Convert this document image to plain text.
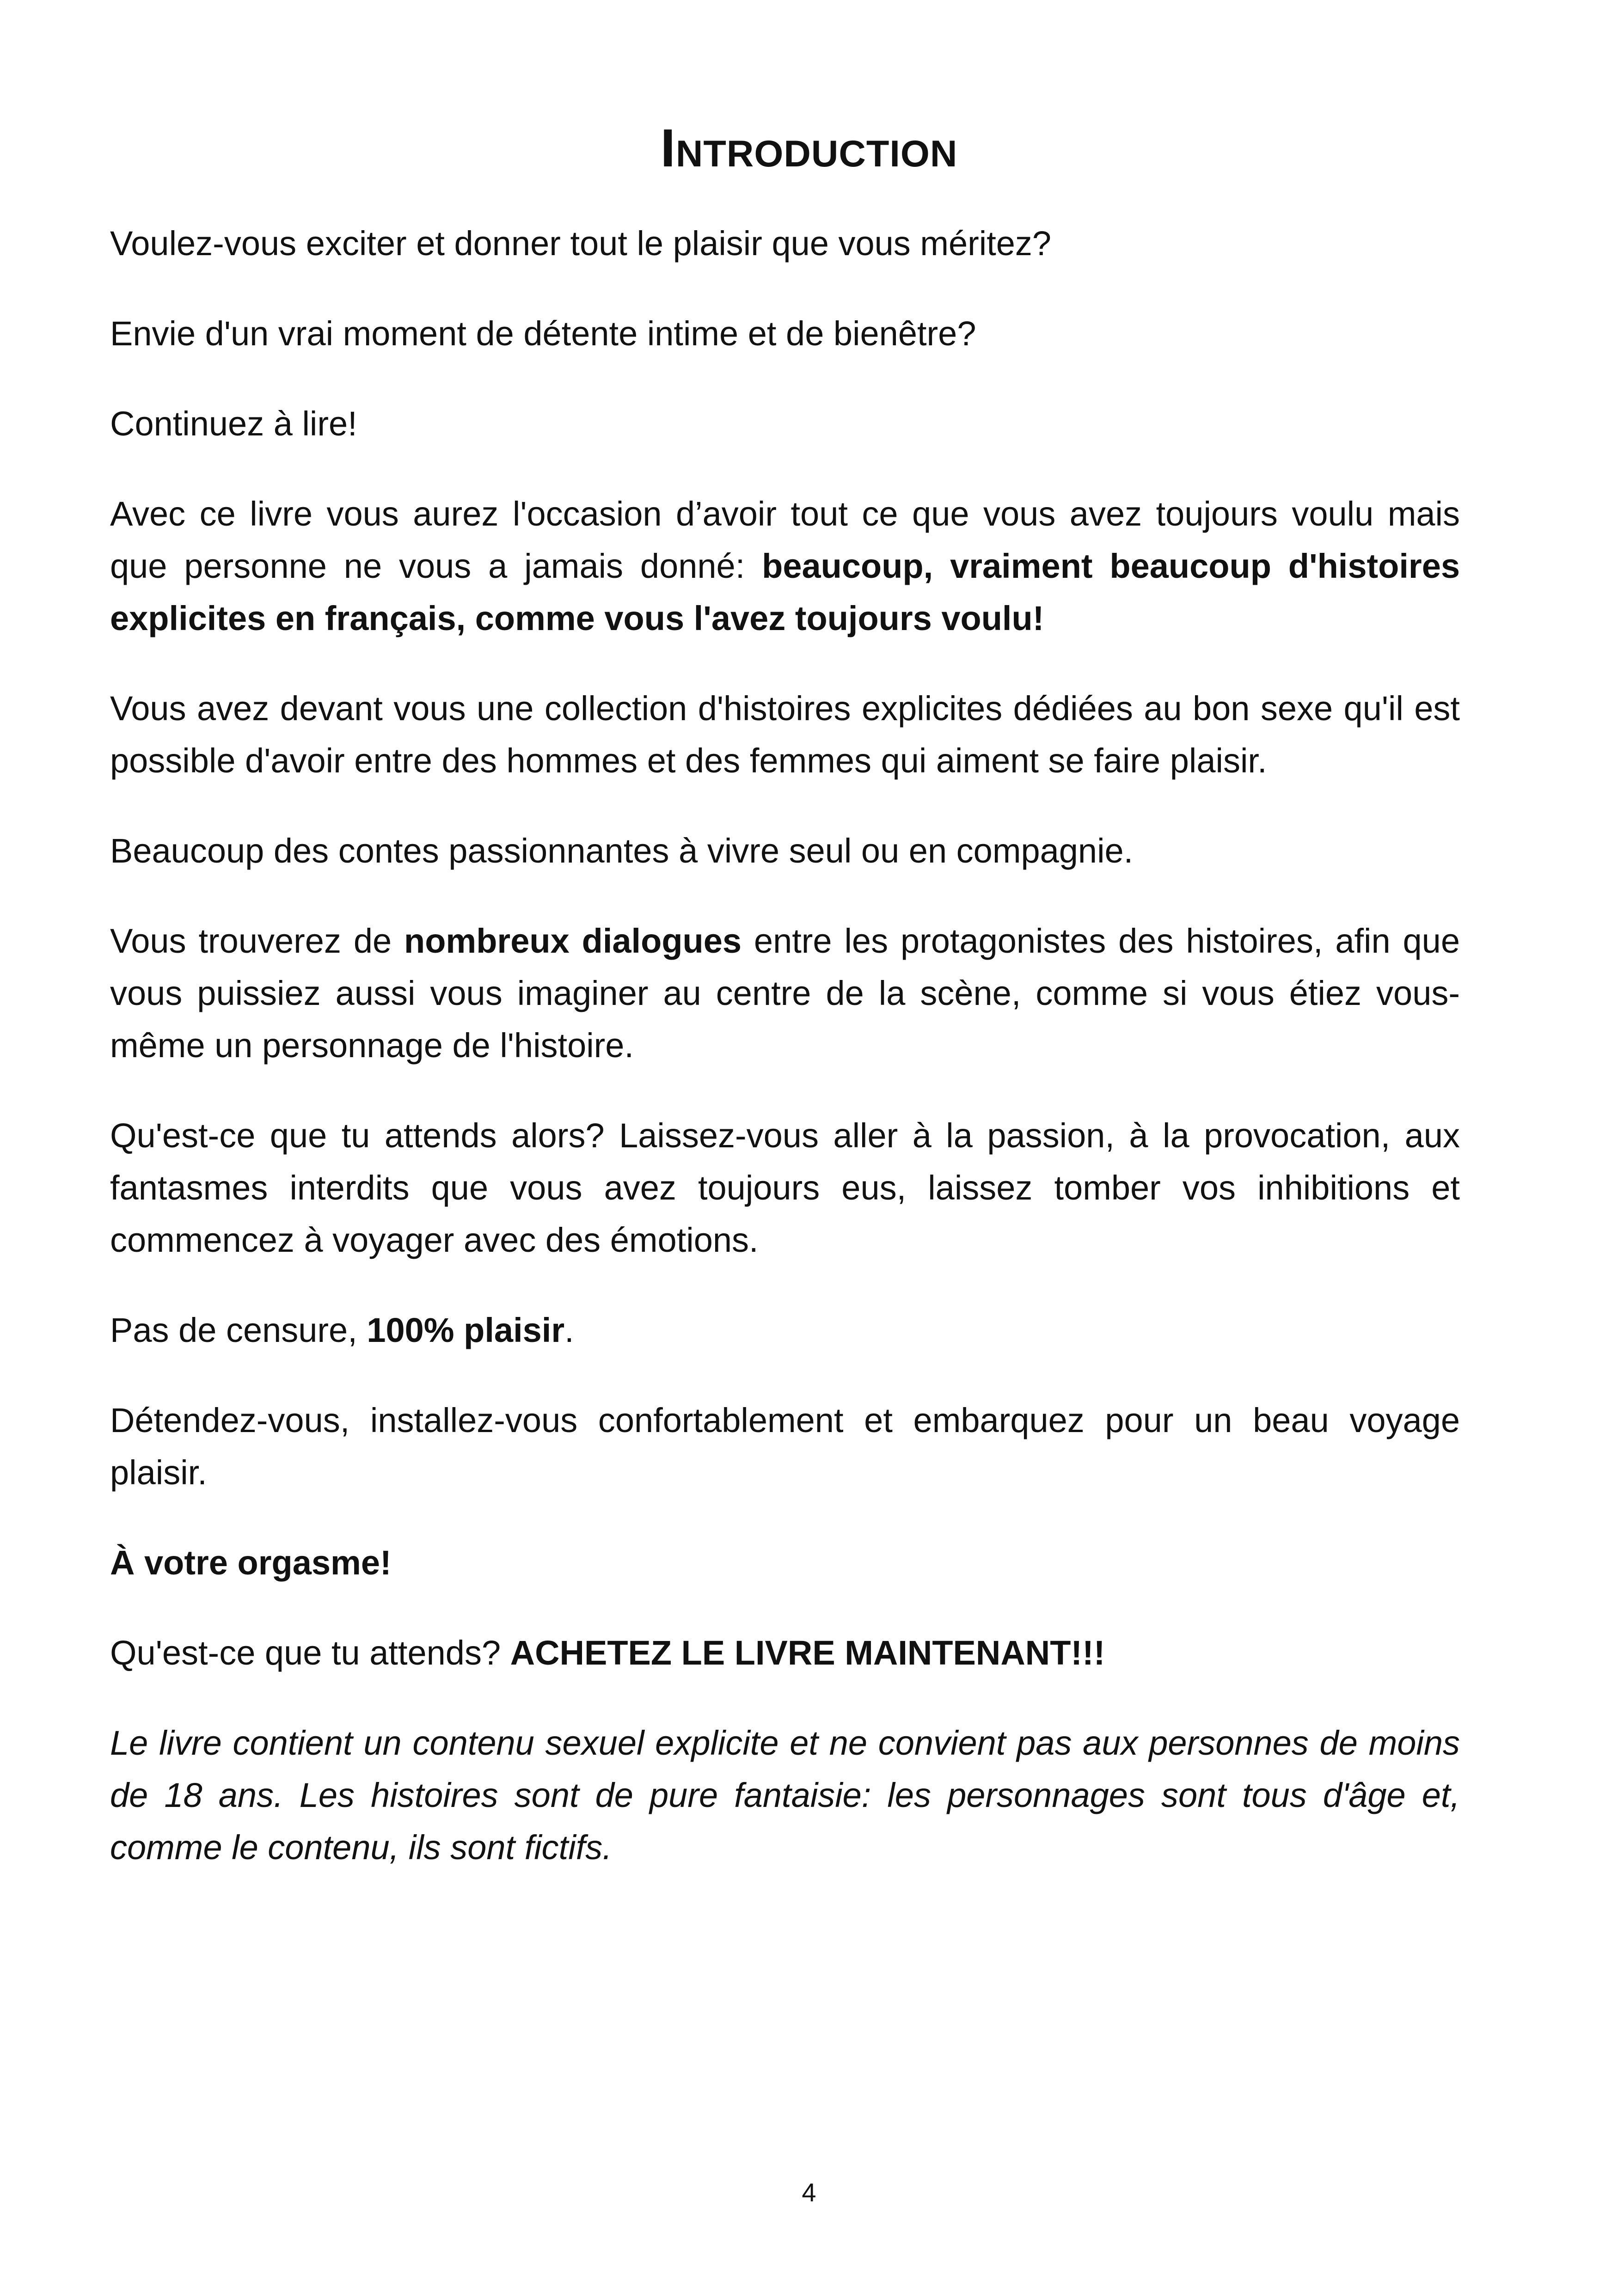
Introduction

Voulez-vous exciter et donner tout le plaisir que vous méritez?

Envie d'un vrai moment de détente intime et de bienêtre?

Continuez à lire!

Avec ce livre vous aurez l'occasion d’avoir tout ce que vous avez toujours voulu mais que personne ne vous a jamais donné: beaucoup, vraiment beaucoup d'histoires explicites en français, comme vous l'avez toujours voulu!

Vous avez devant vous une collection d'histoires explicites dédiées au bon sexe qu'il est possible d'avoir entre des hommes et des femmes qui aiment se faire plaisir.

Beaucoup des contes passionnantes à vivre seul ou en compagnie.

Vous trouverez de nombreux dialogues entre les protagonistes des histoires, afin que vous puissiez aussi vous imaginer au centre de la scène, comme si vous étiez vous-même un personnage de l'histoire.

Qu'est-ce que tu attends alors? Laissez-vous aller à la passion, à la provocation, aux fantasmes interdits que vous avez toujours eus, laissez tomber vos inhibitions et commencez à voyager avec des émotions.

Pas de censure, 100% plaisir.

Détendez-vous, installez-vous confortablement et embarquez pour un beau voyage plaisir.

À votre orgasme!

Qu'est-ce que tu attends? ACHETEZ LE LIVRE MAINTENANT!!!

Le livre contient un contenu sexuel explicite et ne convient pas aux personnes de moins de 18 ans. Les histoires sont de pure fantaisie: les personnages sont tous d'âge et, comme le contenu, ils sont fictifs.

4
